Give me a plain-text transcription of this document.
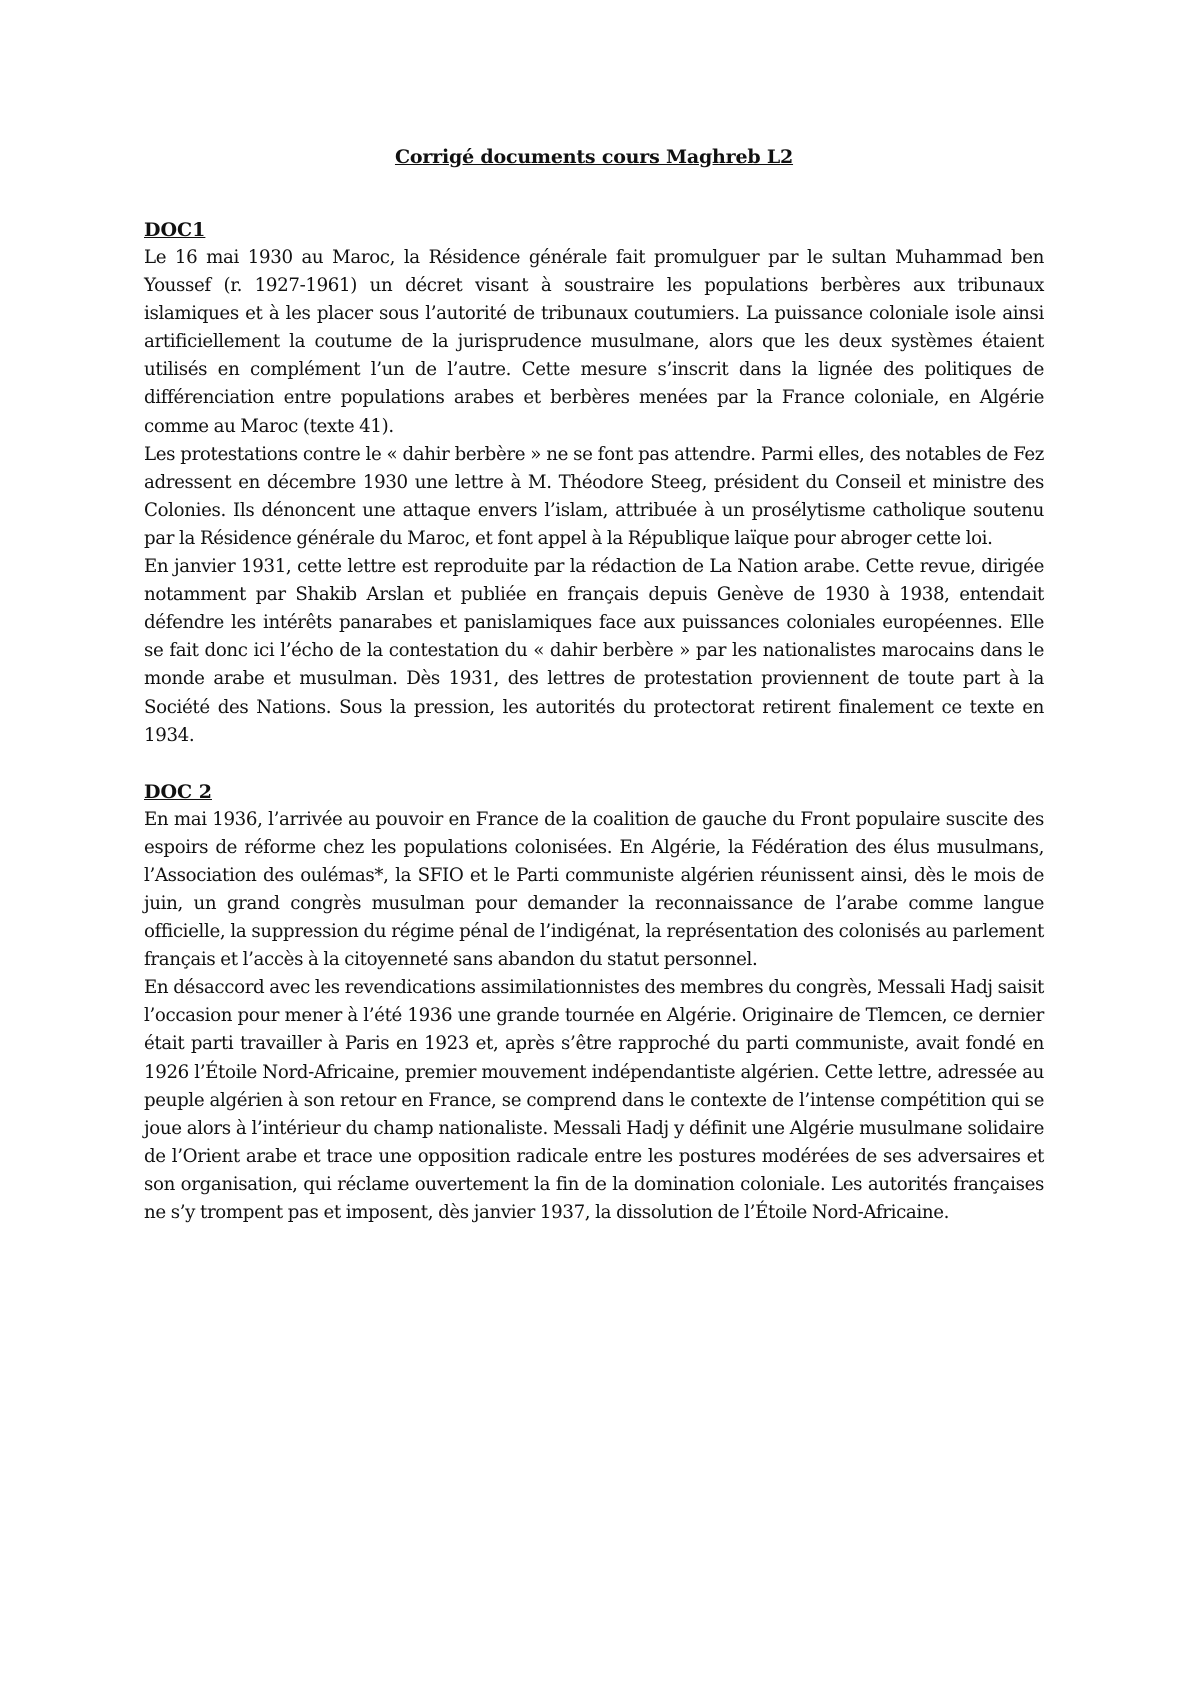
Corrigé documents cours Maghreb L2
DOC1

Le 16 mai 1930 au Maroc, la Résidence générale fait promulguer par le sultan Muhammad ben Youssef (r. 1927-1961) un décret visant à soustraire les populations berbères aux tribunaux islamiques et à les placer sous l’autorité de tribunaux coutumiers. La puissance coloniale isole ainsi artificiellement la coutume de la jurisprudence musulmane, alors que les deux systèmes étaient utilisés en complément l’un de l’autre. Cette mesure s’inscrit dans la lignée des politiques de différenciation entre populations arabes et berbères menées par la France coloniale, en Algérie comme au Maroc (texte 41).

Les protestations contre le « dahir berbère » ne se font pas attendre. Parmi elles, des notables de Fez adressent en décembre 1930 une lettre à M. Théodore Steeg, président du Conseil et ministre des Colonies. Ils dénoncent une attaque envers l’islam, attribuée à un prosélytisme catholique soutenu par la Résidence générale du Maroc, et font appel à la République laïque pour abroger cette loi.

En janvier 1931, cette lettre est reproduite par la rédaction de La Nation arabe. Cette revue, dirigée notamment par Shakib Arslan et publiée en français depuis Genève de 1930 à 1938, entendait défendre les intérêts panarabes et panislamiques face aux puissances coloniales européennes. Elle se fait donc ici l’écho de la contestation du « dahir berbère » par les nationalistes marocains dans le monde arabe et musulman. Dès 1931, des lettres de protestation proviennent de toute part à la Société des Nations. Sous la pression, les autorités du protectorat retirent finalement ce texte en 1934.

DOC 2

En mai 1936, l’arrivée au pouvoir en France de la coalition de gauche du Front populaire suscite des espoirs de réforme chez les populations colonisées. En Algérie, la Fédération des élus musulmans, l’Association des oulémas*, la SFIO et le Parti communiste algérien réunissent ainsi, dès le mois de juin, un grand congrès musulman pour demander la reconnaissance de l’arabe comme langue officielle, la suppression du régime pénal de l’indigénat, la représentation des colonisés au parlement français et l’accès à la citoyenneté sans abandon du statut personnel.

En désaccord avec les revendications assimilationnistes des membres du congrès, Messali Hadj saisit l’occasion pour mener à l’été 1936 une grande tournée en Algérie. Originaire de Tlemcen, ce dernier était parti travailler à Paris en 1923 et, après s’être rapproché du parti communiste, avait fondé en 1926 l’Étoile Nord-Africaine, premier mouvement indépendantiste algérien. Cette lettre, adressée au peuple algérien à son retour en France, se comprend dans le contexte de l’intense compétition qui se joue alors à l’intérieur du champ nationaliste. Messali Hadj y définit une Algérie musulmane solidaire de l’Orient arabe et trace une opposition radicale entre les postures modérées de ses adversaires et son organisation, qui réclame ouvertement la fin de la domination coloniale. Les autorités françaises ne s’y trompent pas et imposent, dès janvier 1937, la dissolution de l’Étoile Nord-Africaine.
